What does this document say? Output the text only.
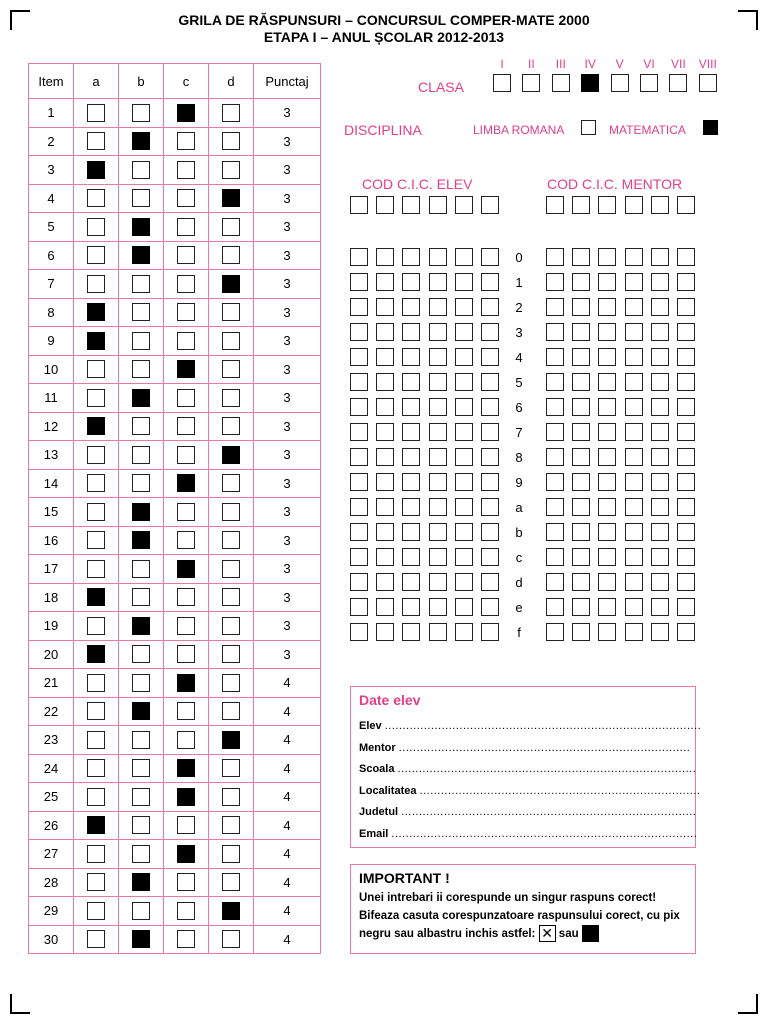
GRILA DE RĂSPUNSURI – CONCURSUL COMPER-MATE 2000
ETAPA I – ANUL ȘCOLAR 2012-2013
Item	a	b	c	d	Punctaj
1					3
2					3
3					3
4					3
5					3
6					3
7					3
8					3
9					3
10					3
11					3
12					3
13					3
14					3
15					3
16					3
17					3
18					3
19					3
20					3
21					4
22					4
23					4
24					4
25					4
26					4
27					4
28					4
29					4
30					4
CLASA
I	II	III	IV	V	VI	VII	VIII
DISCIPLINA	LIMBA ROMANA	MATEMATICA
COD C.I.C. ELEV	COD C.I.C. MENTOR
0
1
2
3
4
5
6
7
8
9
a
b
c
d
e
f
Date elev
Elev .........................................................................................
Mentor ..................................................................................
Scoala ....................................................................................
Localitatea ...............................................................................
Judetul ...................................................................................
Email ......................................................................................
IMPORTANT !
Unei intrebari ii corespunde un singur raspuns corect!
Bifeaza casuta corespunzatoare raspunsului corect, cu pix
negru sau albastru inchis astfel: ✕ sau
